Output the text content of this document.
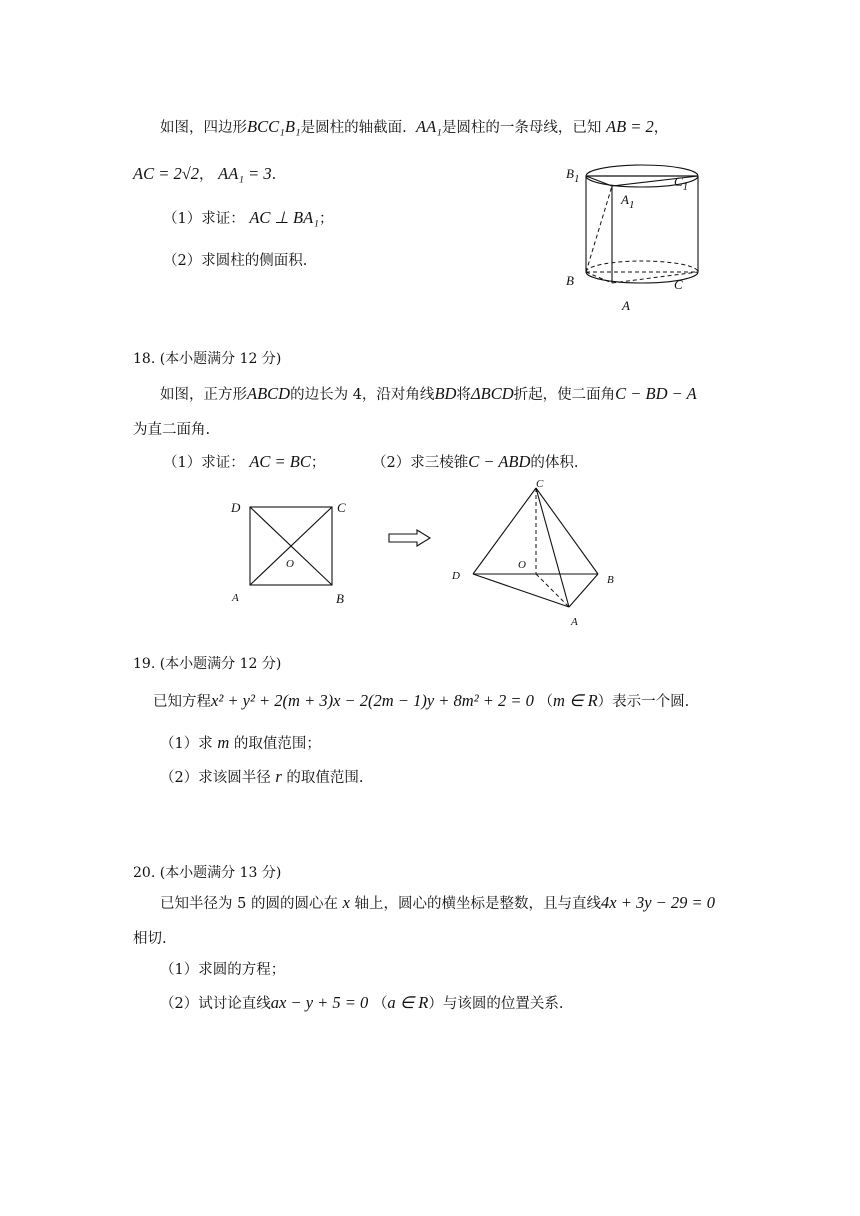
如图，四边形BCC₁B₁是圆柱的轴截面. AA₁是圆柱的一条母线，已知 AB = 2，
AC = 2√2， AA₁ = 3.
（1）求证： AC ⊥ BA₁；
（2）求圆柱的侧面积.
$B_1$	$C_1$
$A_1$
B	C
A
18. (本小题满分 12 分)
如图，正方形ABCD的边长为 4，沿对角线BD将ΔBCD折起，使二面角C − BD − A
为直二面角.
（1）求证： AC = BC；	（2）求三棱锥C − ABD的体积.
D	C
O
A	B
C
O
D	B
A
19. (本小题满分 12 分)
已知方程x² + y² + 2(m + 3)x − 2(2m − 1)y + 8m² + 2 = 0 （m ∈ R）表示一个圆.
（1）求 m 的取值范围；
（2）求该圆半径 r 的取值范围.
20. (本小题满分 13 分)
已知半径为 5 的圆的圆心在 x 轴上，圆心的横坐标是整数，且与直线4x + 3y − 29 = 0
相切.
（1）求圆的方程；
（2）试讨论直线ax − y + 5 = 0 （a ∈ R）与该圆的位置关系.
